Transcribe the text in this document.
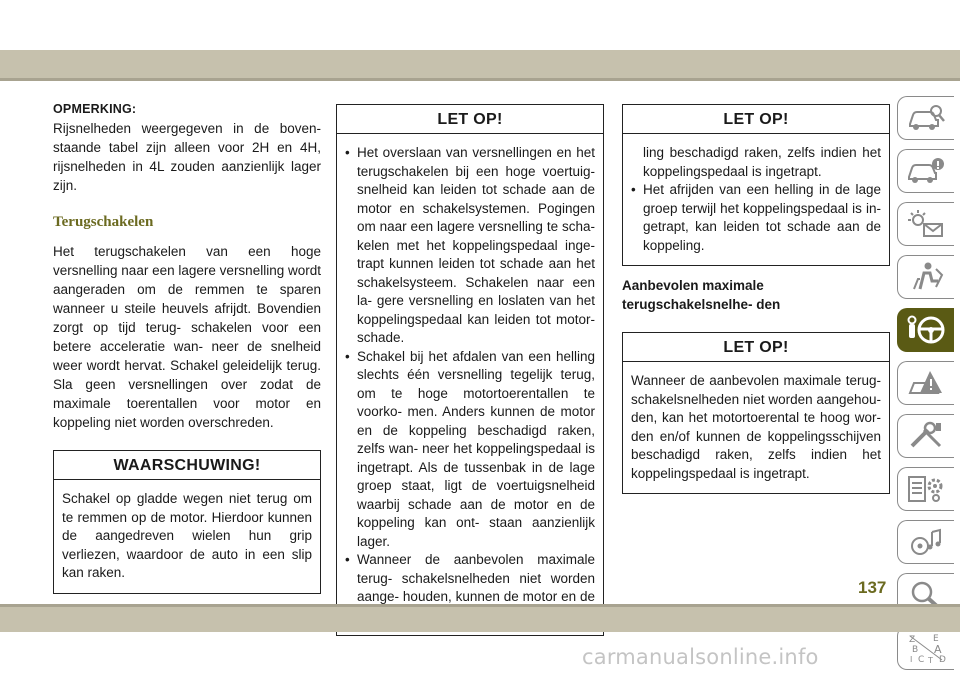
OPMERKING:

Rijsnelheden weergegeven in de boven- staande tabel zijn alleen voor 2H en 4H, rijsnelheden in 4L zouden aanzienlijk lager zijn.

Terugschakelen

Het terugschakelen van een hoge versnelling naar een lagere versnelling wordt aangeraden om de remmen te sparen wanneer u steile heuvels afrijdt. Bovendien zorgt op tijd terug- schakelen voor een betere acceleratie wan- neer de snelheid weer wordt hervat. Schakel geleidelijk terug. Sla geen versnellingen over zodat de maximale toerentallen voor motor en koppeling niet worden overschreden.

WAARSCHUWING!

Schakel op gladde wegen niet terug om te remmen op de motor. Hierdoor kunnen de aangedreven wielen hun grip verliezen, waardoor de auto in een slip kan raken.

LET OP!
• Het overslaan van versnellingen en het terugschakelen bij een hoge voertuig- snelheid kan leiden tot schade aan de motor en schakelsystemen. Pogingen om naar een lagere versnelling te scha- kelen met het koppelingspedaal inge- trapt kunnen leiden tot schade aan het schakelsysteem. Schakelen naar een la- gere versnelling en loslaten van het koppelingspedaal kan leiden tot motor- schade.
• Schakel bij het afdalen van een helling slechts één versnelling tegelijk terug, om te hoge motortoerentallen te voorko- men. Anders kunnen de motor en de koppeling beschadigd raken, zelfs wan- neer het koppelingspedaal is ingetrapt. Als de tussenbak in de lage groep staat, ligt de voertuigsnelheid waarbij schade aan de motor en de koppeling kan ont- staan aanzienlijk lager.
• Wanneer de aanbevolen maximale terug- schakelsnelheden niet worden aange- houden, kunnen de motor en de
LET OP!
ling beschadigd raken, zelfs indien het koppelingspedaal is ingetrapt.
• Het afrijden van een helling in de lage groep terwijl het koppelingspedaal is in- getrapt, kan leiden tot schade aan de koppeling.
Aanbevolen maximale terugschakelsnelhe- den
LET OP!

Wanneer de aanbevolen maximale terug- schakelsnelheden niet worden aangehou- den, kan het motortoerental te hoog wor- den en/of kunnen de koppelingsschijven beschadigd raken, zelfs indien het koppelingspedaal is ingetrapt.

Z E
B A
C D
I T
137
carmanualsonline.info
